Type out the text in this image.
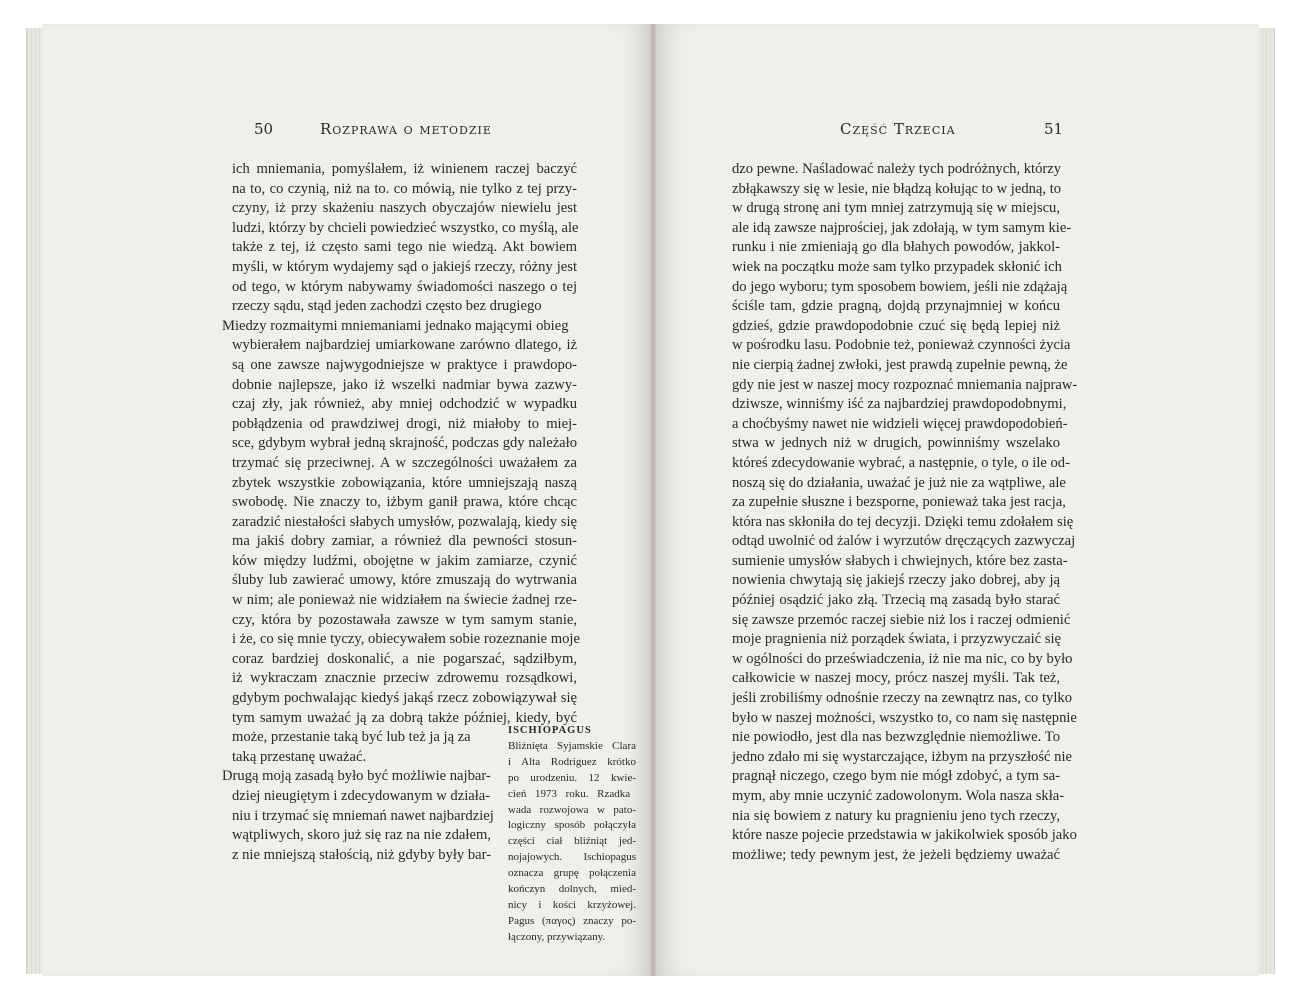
50	Rozprawa o metodzie	Część Trzecia	51
ich mniemania, pomyślałem, iż winienem raczej baczyć
na to, co czynią, niż na to. co mówią, nie tylko z tej przy-
czyny, iż przy skażeniu naszych obyczajów niewielu jest
ludzi, którzy by chcieli powiedzieć wszystko, co myślą, ale
także z tej, iż często sami tego nie wiedzą. Akt bowiem
myśli, w którym wydajemy sąd o jakiejś rzeczy, różny jest
od tego, w którym nabywamy świadomości naszego o tej
rzeczy sądu, stąd jeden zachodzi często bez drugiego
Miedzy rozmaitymi mniemaniami jednako mającymi obieg
wybierałem najbardziej umiarkowane zarówno dlatego, iż
są one zawsze najwygodniejsze w praktyce i prawdopo-
dobnie najlepsze, jako iż wszelki nadmiar bywa zazwy-
czaj zły, jak również, aby mniej odchodzić w wypadku
pobłądzenia od prawdziwej drogi, niż miałoby to miej-
sce, gdybym wybrał jedną skrajność, podczas gdy należało
trzymać się przeciwnej. A w szczególności uważałem za
zbytek wszystkie zobowiązania, które umniejszają naszą
swobodę. Nie znaczy to, iżbym ganił prawa, które chcąc
zaradzić niestałości słabych umysłów, pozwalają, kiedy się
ma jakiś dobry zamiar, a również dla pewności stosun-
ków między ludźmi, obojętne w jakim zamiarze, czynić
śluby lub zawierać umowy, które zmuszają do wytrwania
w nim; ale ponieważ nie widziałem na świecie żadnej rze-
czy, która by pozostawała zawsze w tym samym stanie,
i że, co się mnie tyczy, obiecywałem sobie rozeznanie moje
coraz bardziej doskonalić, a nie pogarszać, sądziłbym,
iż wykraczam znacznie przeciw zdrowemu rozsądkowi,
gdybym pochwalając kiedyś jakąś rzecz zobowiązywał się
tym samym uważać ją za dobrą także później, kiedy, być
może, przestanie taką być lub też ja ją za
taką przestanę uważać.
Drugą moją zasadą było być możliwie najbar-
dziej nieugiętym i zdecydowanym w działa-
niu i trzymać się mniemań nawet najbardziej
wątpliwych, skoro już się raz na nie zdałem,
z nie mniejszą stałością, niż gdyby były bar-
ISCHIOPAGUS
Bliźnięta Syjamskie Clara
i Alta Rodriguez krótko
po urodzeniu. 12 kwie-
cień 1973 roku. Rzadka
wada rozwojowa w pato-
logiczny sposób połączyła
części ciał bliźniąt jed-
nojajowych. Ischiopagus
oznacza grupę połączenia
kończyn dolnych, mied-
nicy i kości krzyżowej.
Pagus (παγος) znaczy po-
łączony, przywiązany.
dzo pewne. Naśladować należy tych podróżnych, którzy
zbłąkawszy się w lesie, nie błądzą kołując to w jedną, to
w drugą stronę ani tym mniej zatrzymują się w miejscu,
ale idą zawsze najprościej, jak zdołają, w tym samym kie-
runku i nie zmieniają go dla błahych powodów, jakkol-
wiek na początku może sam tylko przypadek skłonić ich
do jego wyboru; tym sposobem bowiem, jeśli nie zdążają
ściśle tam, gdzie pragną, dojdą przynajmniej w końcu
gdzieś, gdzie prawdopodobnie czuć się będą lepiej niż
w pośrodku lasu. Podobnie też, ponieważ czynności życia
nie cierpią żadnej zwłoki, jest prawdą zupełnie pewną, że
gdy nie jest w naszej mocy rozpoznać mniemania najpraw-
dziwsze, winniśmy iść za najbardziej prawdopodobnymi,
a choćbyśmy nawet nie widzieli więcej prawdopodobień-
stwa w jednych niż w drugich, powinniśmy wszelako
któreś zdecydowanie wybrać, a następnie, o tyle, o ile od-
noszą się do działania, uważać je już nie za wątpliwe, ale
za zupełnie słuszne i bezsporne, ponieważ taka jest racja,
która nas skłoniła do tej decyzji. Dzięki temu zdołałem się
odtąd uwolnić od żalów i wyrzutów dręczących zazwyczaj
sumienie umysłów słabych i chwiejnych, które bez zasta-
nowienia chwytają się jakiejś rzeczy jako dobrej, aby ją
później osądzić jako złą. Trzecią mą zasadą było starać
się zawsze przemóc raczej siebie niż los i raczej odmienić
moje pragnienia niż porządek świata, i przyzwyczaić się
w ogólności do przeświadczenia, iż nie ma nic, co by było
całkowicie w naszej mocy, prócz naszej myśli. Tak też,
jeśli zrobiliśmy odnośnie rzeczy na zewnątrz nas, co tylko
było w naszej możności, wszystko to, co nam się następnie
nie powiodło, jest dla nas bezwzględnie niemożliwe. To
jedno zdało mi się wystarczające, iżbym na przyszłość nie
pragnął niczego, czego bym nie mógł zdobyć, a tym sa-
mym, aby mnie uczynić zadowolonym. Wola nasza skła-
nia się bowiem z natury ku pragnieniu jeno tych rzeczy,
które nasze pojecie przedstawia w jakikolwiek sposób jako
możliwe; tedy pewnym jest, że jeżeli będziemy uważać
